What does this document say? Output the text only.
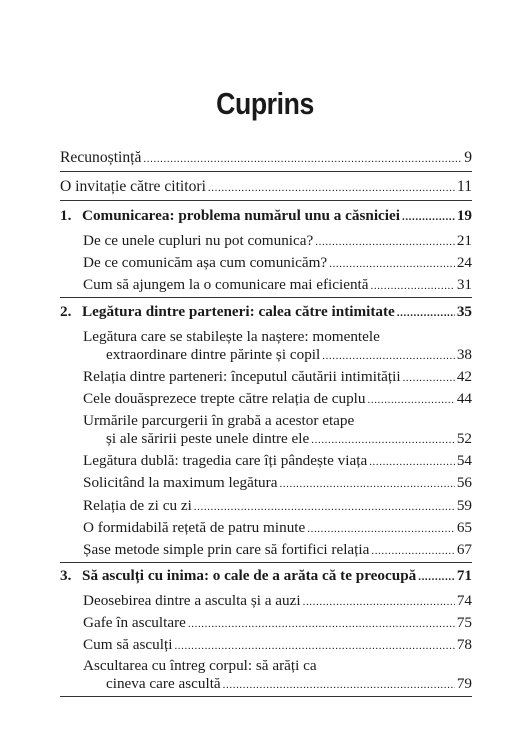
Cuprins
Recunoștință .....	9
O invitație către cititori .....	11
1. Comunicarea: problema numărul unu a căsniciei .....	19
De ce unele cupluri nu pot comunica? .....	21
De ce comunicăm așa cum comunicăm? .....	24
Cum să ajungem la o comunicare mai eficientă .....	31
2. Legătura dintre parteneri: calea către intimitate .....	35
Legătura care se stabilește la naștere: momentele
extraordinare dintre părinte și copil .....	38
Relația dintre parteneri: începutul căutării intimității .....	42
Cele douăsprezece trepte către relația de cuplu .....	44
Urmările parcurgerii în grabă a acestor etape
și ale săririi peste unele dintre ele .....	52
Legătura dublă: tragedia care îți pândește viața .....	54
Solicitând la maximum legătura .....	56
Relația de zi cu zi .....	59
O formidabilă rețetă de patru minute .....	65
Șase metode simple prin care să fortifici relația .....	67
3. Să asculți cu inima: o cale de a arăta că te preocupă .....	71
Deosebirea dintre a asculta și a auzi .....	74
Gafe în ascultare .....	75
Cum să asculți .....	78
Ascultarea cu întreg corpul: să arăți ca
cineva care ascultă .....	79
